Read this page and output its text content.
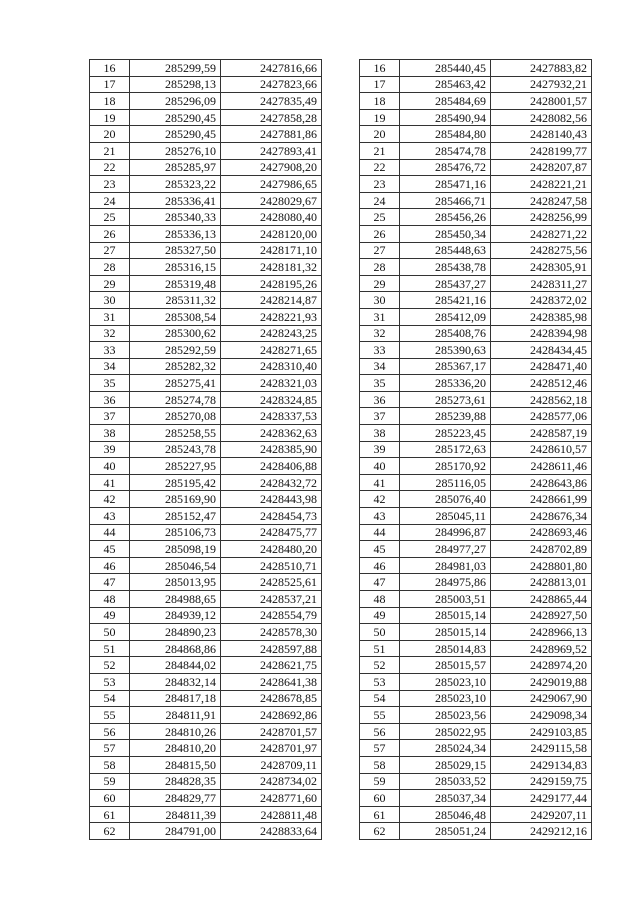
16	285299,59	2427816,66
17	285298,13	2427823,66
18	285296,09	2427835,49
19	285290,45	2427858,28
20	285290,45	2427881,86
21	285276,10	2427893,41
22	285285,97	2427908,20
23	285323,22	2427986,65
24	285336,41	2428029,67
25	285340,33	2428080,40
26	285336,13	2428120,00
27	285327,50	2428171,10
28	285316,15	2428181,32
29	285319,48	2428195,26
30	285311,32	2428214,87
31	285308,54	2428221,93
32	285300,62	2428243,25
33	285292,59	2428271,65
34	285282,32	2428310,40
35	285275,41	2428321,03
36	285274,78	2428324,85
37	285270,08	2428337,53
38	285258,55	2428362,63
39	285243,78	2428385,90
40	285227,95	2428406,88
41	285195,42	2428432,72
42	285169,90	2428443,98
43	285152,47	2428454,73
44	285106,73	2428475,77
45	285098,19	2428480,20
46	285046,54	2428510,71
47	285013,95	2428525,61
48	284988,65	2428537,21
49	284939,12	2428554,79
50	284890,23	2428578,30
51	284868,86	2428597,88
52	284844,02	2428621,75
53	284832,14	2428641,38
54	284817,18	2428678,85
55	284811,91	2428692,86
56	284810,26	2428701,57
57	284810,20	2428701,97
58	284815,50	2428709,11
59	284828,35	2428734,02
60	284829,77	2428771,60
61	284811,39	2428811,48
62	284791,00	2428833,64
16	285440,45	2427883,82
17	285463,42	2427932,21
18	285484,69	2428001,57
19	285490,94	2428082,56
20	285484,80	2428140,43
21	285474,78	2428199,77
22	285476,72	2428207,87
23	285471,16	2428221,21
24	285466,71	2428247,58
25	285456,26	2428256,99
26	285450,34	2428271,22
27	285448,63	2428275,56
28	285438,78	2428305,91
29	285437,27	2428311,27
30	285421,16	2428372,02
31	285412,09	2428385,98
32	285408,76	2428394,98
33	285390,63	2428434,45
34	285367,17	2428471,40
35	285336,20	2428512,46
36	285273,61	2428562,18
37	285239,88	2428577,06
38	285223,45	2428587,19
39	285172,63	2428610,57
40	285170,92	2428611,46
41	285116,05	2428643,86
42	285076,40	2428661,99
43	285045,11	2428676,34
44	284996,87	2428693,46
45	284977,27	2428702,89
46	284981,03	2428801,80
47	284975,86	2428813,01
48	285003,51	2428865,44
49	285015,14	2428927,50
50	285015,14	2428966,13
51	285014,83	2428969,52
52	285015,57	2428974,20
53	285023,10	2429019,88
54	285023,10	2429067,90
55	285023,56	2429098,34
56	285022,95	2429103,85
57	285024,34	2429115,58
58	285029,15	2429134,83
59	285033,52	2429159,75
60	285037,34	2429177,44
61	285046,48	2429207,11
62	285051,24	2429212,16
